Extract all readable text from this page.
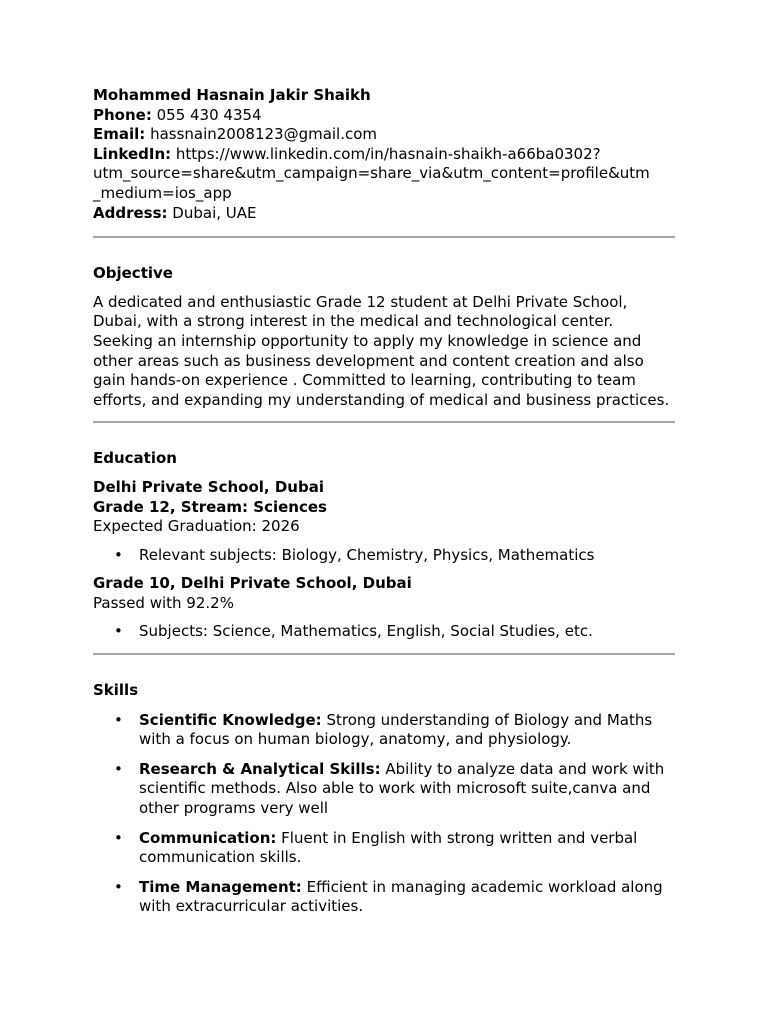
Mohammed Hasnain Jakir Shaikh

Phone: 055 430 4354

Email: hassnain2008123@gmail.com

LinkedIn: https://www.linkedin.com/in/hasnain-shaikh-a66ba0302?

utm_source=share&utm_campaign=share_via&utm_content=profile&utm

_medium=ios_app

Address: Dubai, UAE

Objective

A dedicated and enthusiastic Grade 12 student at Delhi Private School, Dubai, with a strong interest in the medical and technological center. Seeking an internship opportunity to apply my knowledge in science and other areas such as business development and content creation and also gain hands-on experience . Committed to learning, contributing to team efforts, and expanding my understanding of medical and business practices.

Education

Delhi Private School, Dubai

Grade 12, Stream: Sciences

Expected Graduation: 2026

• Relevant subjects: Biology, Chemistry, Physics, Mathematics

Grade 10, Delhi Private School, Dubai

Passed with 92.2%

• Subjects: Science, Mathematics, English, Social Studies, etc.
Skills
• Scientific Knowledge: Strong understanding of Biology and Maths with a focus on human biology, anatomy, and physiology.
• Research & Analytical Skills: Ability to analyze data and work with scientific methods. Also able to work with microsoft suite,canva and other programs very well
• Communication: Fluent in English with strong written and verbal communication skills.
• Time Management: Efficient in managing academic workload along with extracurricular activities.
